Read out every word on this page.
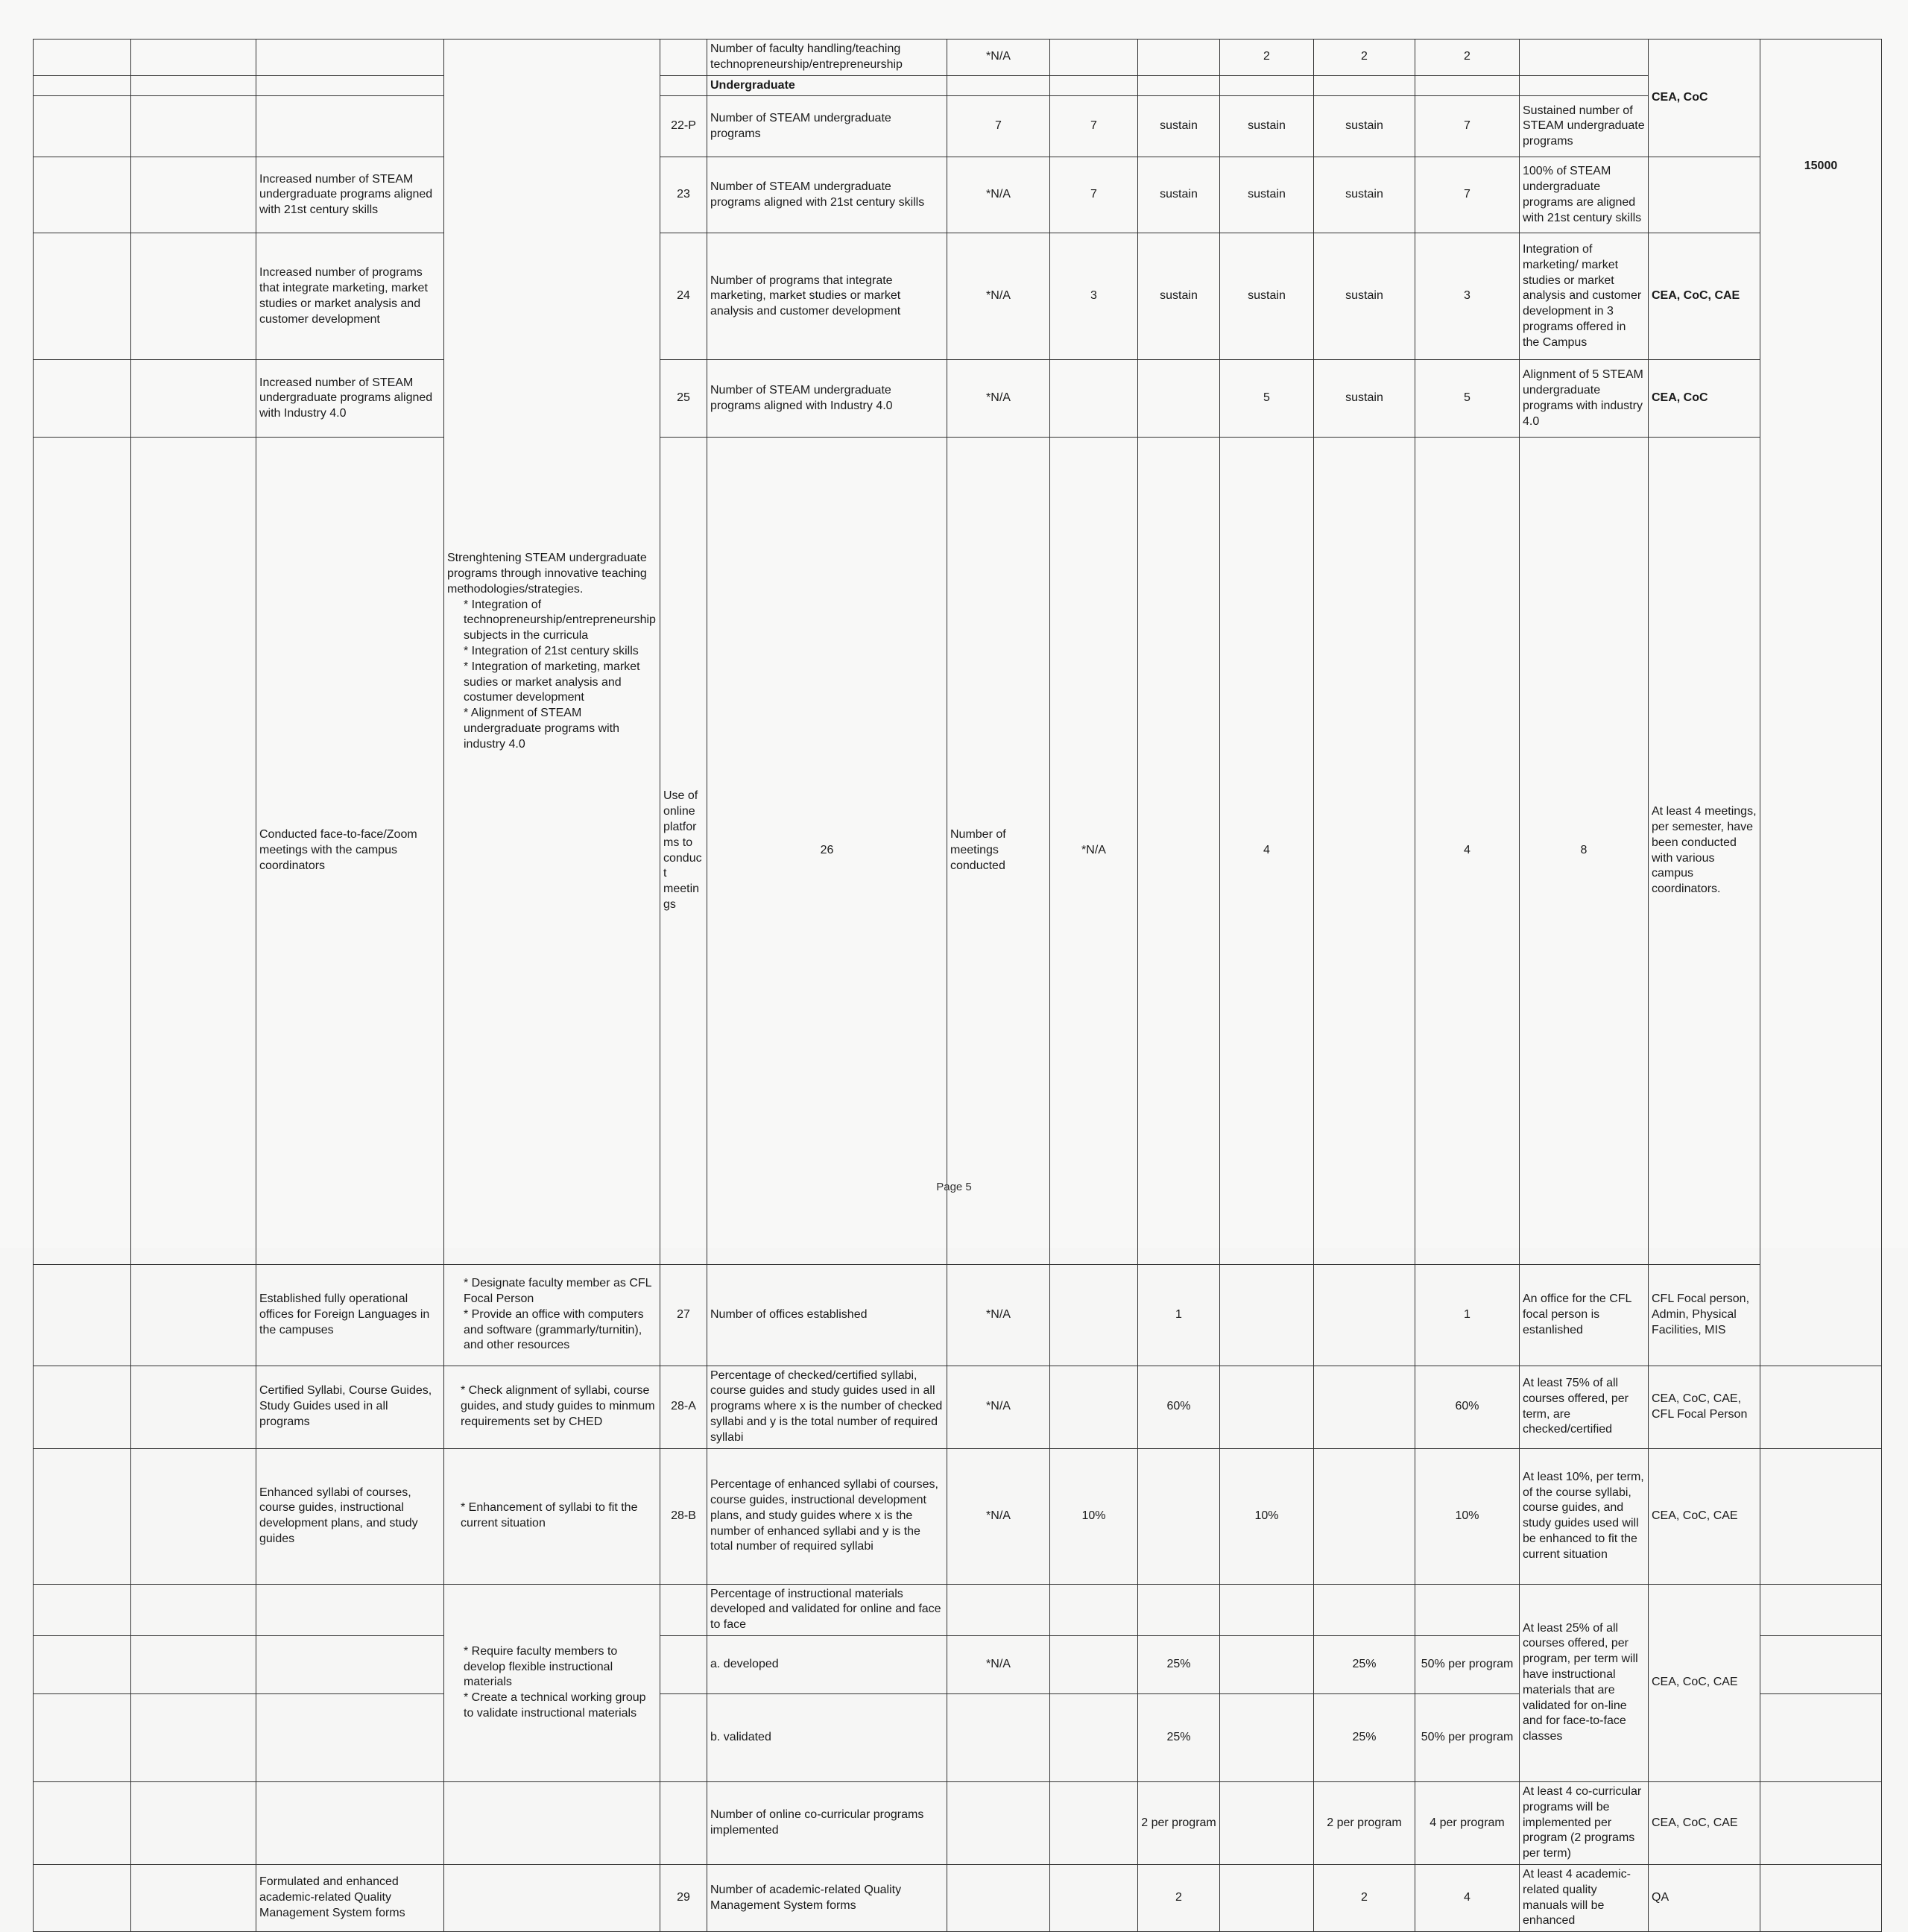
			Strenghtening STEAM undergraduate programs through innovative teaching methodologies/strategies.
* Integration of technopreneurship/entrepreneurship subjects in the curricula
* Integration of 21st century skills
* Integration of marketing, market sudies or market analysis and costumer development
* Alignment of STEAM undergraduate programs with industry 4.0		Number of faculty handling/teaching technopreneurship/entrepreneurship	*N/A			2	2	2		CEA, CoC	15000	
					Undergraduate										
				22-P	Number of STEAM undergraduate programs	7	7	sustain	sustain	sustain	7	Sustained number of STEAM undergraduate programs			
		Increased number of STEAM undergraduate programs aligned with 21st century skills		23	Number of STEAM undergraduate programs aligned with 21st century skills	*N/A	7	sustain	sustain	sustain	7	100% of STEAM undergraduate programs are aligned with 21st century skills			
		Increased number of programs that integrate marketing, market studies or market analysis and customer development		24	Number of programs that integrate marketing, market studies or market analysis and customer development	*N/A	3	sustain	sustain	sustain	3	Integration of marketing/ market studies or market analysis and customer development in 3 programs offered in the Campus	CEA, CoC, CAE		
		Increased number of STEAM undergraduate programs aligned with Industry 4.0		25	Number of STEAM undergraduate programs aligned with Industry 4.0	*N/A			5	sustain	5	Alignment of 5 STEAM undergraduate programs with industry 4.0	CEA, CoC		
		Conducted face-to-face/Zoom meetings with the campus coordinators		Use of online platforms to conduct meetings	26	Number of meetings conducted	*N/A		4		4	8	At least 4 meetings, per semester, have been conducted with various campus coordinators.	
		Established fully operational offices for Foreign Languages in the campuses	* Designate faculty member as CFL Focal Person
* Provide an office with computers and software (grammarly/turnitin), and other resources	27	Number of offices established	*N/A		1			1	An office for the CFL focal person is estanlished	CFL Focal person, Admin, Physical Facilities, MIS		
		Certified Syllabi, Course Guides, Study Guides used in all programs	* Check alignment of syllabi, course guides, and study guides to minmum requirements set by CHED	28-A	Percentage of checked/certified syllabi, course guides and study guides used in all programs where x is the number of checked syllabi and y is the total number of required syllabi	*N/A		60%			60%	At least 75% of all courses offered, per term, are checked/certified	CEA, CoC, CAE, CFL Focal Person		
		Enhanced syllabi of courses, course guides, instructional development plans, and study guides	* Enhancement of syllabi to fit the current situation	28-B	Percentage of enhanced syllabi of courses, course guides, instructional development plans, and study guides where x is the number of enhanced syllabi and y is the total number of required syllabi	*N/A	10%		10%		10%	At least 10%, per term, of the course syllabi, course guides, and study guides used will be enhanced to fit the current situation	CEA, CoC, CAE		

			* Require faculty members to develop flexible instructional materials
* Create a technical working group to validate instructional materials		Percentage of instructional materials developed and validated for online and face to face							At least 25% of all courses offered, per program, per term will have instructional materials that are validated for on-line and for face-to-face classes	CEA, CoC, CAE		
					a. developed	*N/A		25%		25%	50% per program				
					b. validated			25%		25%	50% per program				
					Number of online co-curricular programs implemented			2 per program		2 per program	4 per program	At least 4 co-curricular programs will be implemented per program (2 programs per term)	CEA, CoC, CAE		
		Formulated and enhanced academic-related Quality Management System forms		29	Number of academic-related Quality Management System forms			2		2	4	At least 4 academic-related quality manuals will be enhanced	QA		
Page 5
